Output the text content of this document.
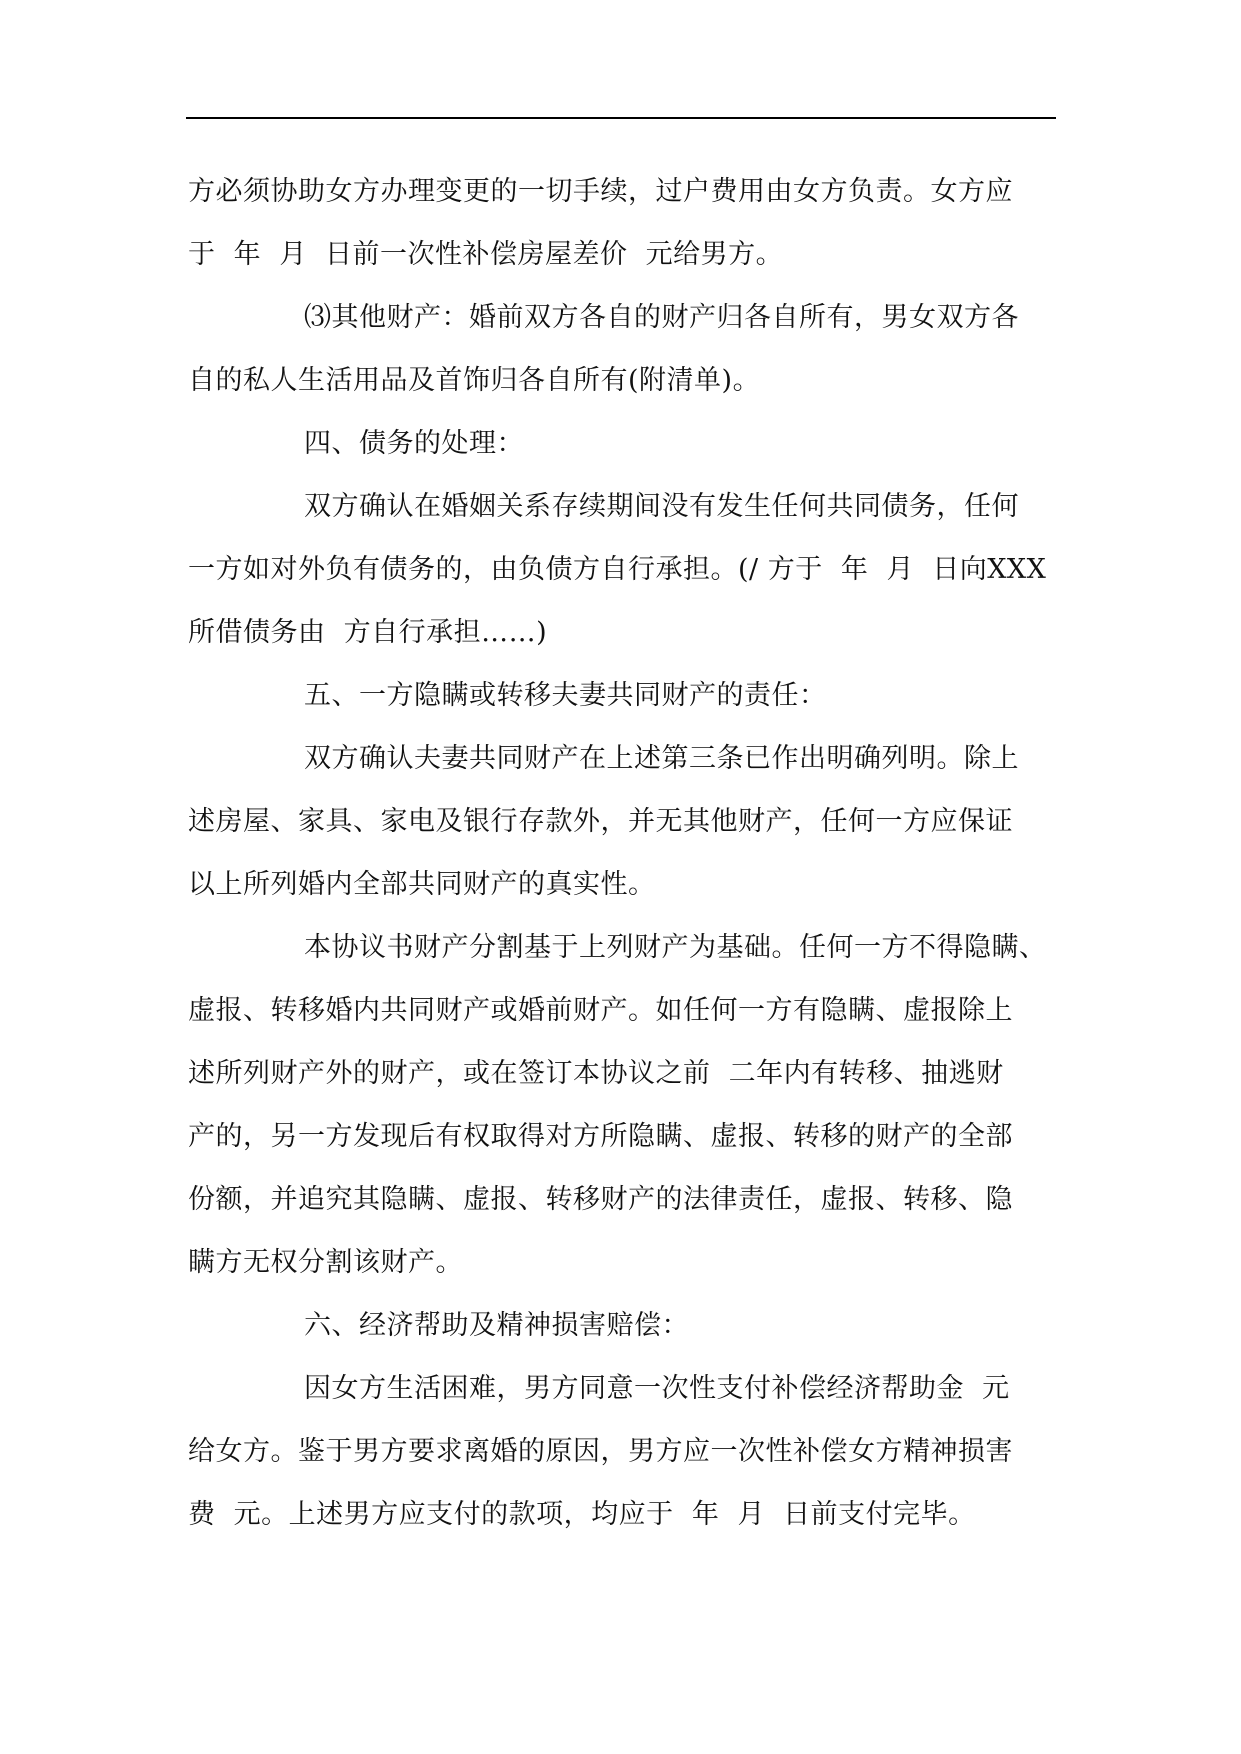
方必须协助女方办理变更的一切手续，过户费用由女方负责。女方应
于  年  月  日前一次性补偿房屋差价  元给男方。
⑶其他财产：婚前双方各自的财产归各自所有，男女双方各
自的私人生活用品及首饰归各自所有(附清单)。
四、债务的处理：
双方确认在婚姻关系存续期间没有发生任何共同债务，任何
一方如对外负有债务的，由负债方自行承担。(/ 方于  年  月  日向XXX
所借债务由  方自行承担……)
五、一方隐瞒或转移夫妻共同财产的责任：
双方确认夫妻共同财产在上述第三条已作出明确列明。除上
述房屋、家具、家电及银行存款外，并无其他财产，任何一方应保证
以上所列婚内全部共同财产的真实性。
本协议书财产分割基于上列财产为基础。任何一方不得隐瞒、
虚报、转移婚内共同财产或婚前财产。如任何一方有隐瞒、虚报除上
述所列财产外的财产，或在签订本协议之前  二年内有转移、抽逃财
产的，另一方发现后有权取得对方所隐瞒、虚报、转移的财产的全部
份额，并追究其隐瞒、虚报、转移财产的法律责任，虚报、转移、隐
瞒方无权分割该财产。
六、经济帮助及精神损害赔偿：
因女方生活困难，男方同意一次性支付补偿经济帮助金  元
给女方。鉴于男方要求离婚的原因，男方应一次性补偿女方精神损害
费  元。上述男方应支付的款项，均应于  年  月  日前支付完毕。
